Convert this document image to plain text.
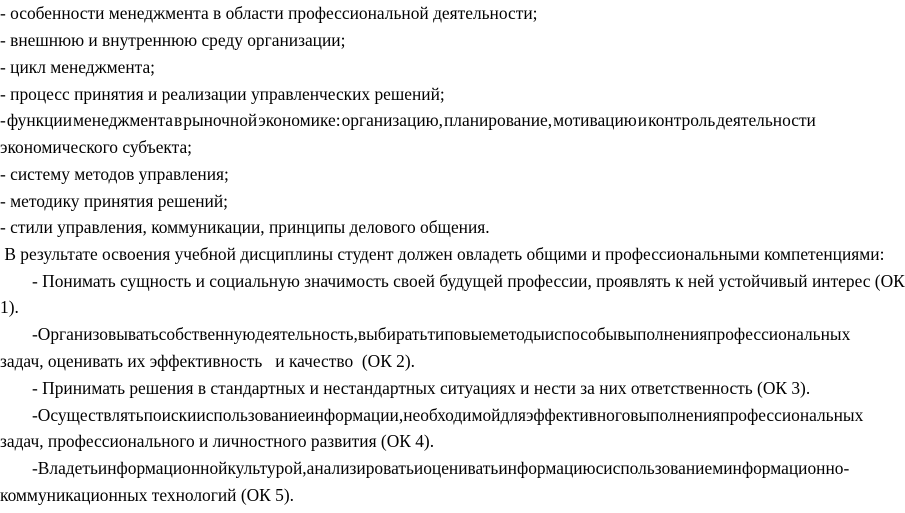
- особенности менеджмента в области профессиональной деятельности;
- внешнюю и внутреннюю среду организации;
- цикл менеджмента;
- процесс принятия и реализации управленческих решений;
- функции менеджмента в рыночной экономике: организацию, планирование, мотивацию и контроль деятельности
экономического субъекта;
- систему методов управления;
- методику принятия решений;
- стили управления, коммуникации, принципы делового общения.
В результате освоения учебной дисциплины студент должен овладеть общими и профессиональными компетенциями:
- Понимать сущность и социальную значимость своей будущей профессии, проявлять к ней устойчивый интерес (ОК
1).
- Организовывать собственную деятельность, выбирать типовые методы и способы выполнения профессиональных
задач, оценивать их эффективность   и качество  (ОК 2).
- Принимать решения в стандартных и нестандартных ситуациях и нести за них ответственность (ОК 3).
- Осуществлять поиск и использование информации, необходимой для эффективного выполнения профессиональных
задач, профессионального и личностного развития (ОК 4).
- Владеть информационной культурой, анализировать и оценивать информацию с использованием информационно-
коммуникационных технологий (ОК 5).
